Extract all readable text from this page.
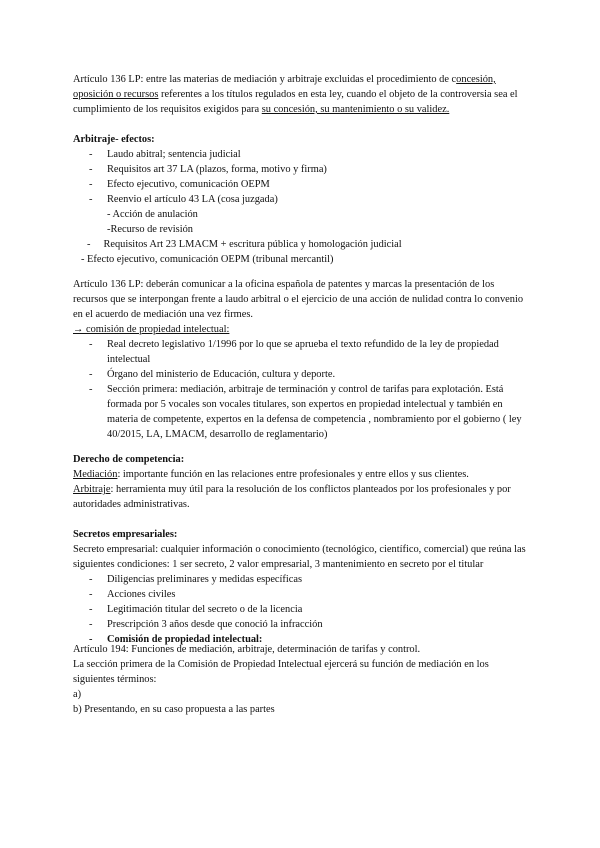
Artículo 136 LP: entre las materias de mediación y arbitraje excluidas el procedimiento de concesión, oposición o recursos referentes a los títulos regulados en esta ley, cuando el objeto de la controversia sea el cumplimiento de los requisitos exigidos para su concesión, su mantenimiento o su validez.

Arbitraje- efectos:

- Laudo abitral; sentencia judicial
- Requisitos art 37 LA (plazos, forma, motivo y firma)
- Efecto ejecutivo, comunicación OEPM
- Reenvio el artículo 43 LA (cosa juzgada)

- Acción de anulación

-Recurso de revisión

-     Requisitos Art 23 LMACM + escritura pública y homologación judicial

- Efecto ejecutivo, comunicación OEPM (tribunal mercantil)

Artículo 136 LP: deberán comunicar a la oficina española de patentes y marcas la presentación de los recursos que se interpongan frente a laudo arbitral o el ejercicio de una acción de nulidad contra lo convenio en el acuerdo de mediación una vez firmes.

→ comisión de propiedad intelectual:

- Real decreto legislativo 1/1996 por lo que se aprueba el texto refundido de la ley de propiedad intelectual
- Órgano del ministerio de Educación, cultura y deporte.
- Sección primera: mediación, arbitraje de terminación y control de tarifas para explotación. Está formada por 5 vocales son vocales titulares, son expertos en propiedad intelectual y también en materia de competente, expertos en la defensa de competencia , nombramiento por el gobierno ( ley 40/2015, LA, LMACM, desarrollo de reglamentario)

Derecho de competencia:

Mediación: importante función en las relaciones entre profesionales y entre ellos y sus clientes.

Arbitraje: herramienta muy útil para la resolución de los conflictos planteados por los profesionales y por autoridades administrativas.

Secretos empresariales:

Secreto empresarial: cualquier información o conocimiento (tecnológico, científico, comercial) que reúna las siguientes condiciones: 1 ser secreto, 2 valor empresarial, 3 mantenimiento en secreto por el titular

- Diligencias preliminares y medidas específicas
- Acciones civiles
- Legitimación titular del secreto o de la licencia
- Prescripción 3 años desde que conoció la infracción
- Comisión de propiedad intelectual:

Artículo 194: Funciones de mediación, arbitraje, determinación de tarifas y control.

La sección primera de la Comisión de Propiedad Intelectual ejercerá su función de mediación en los siguientes términos:

a)

b) Presentando, en su caso propuesta a las partes
